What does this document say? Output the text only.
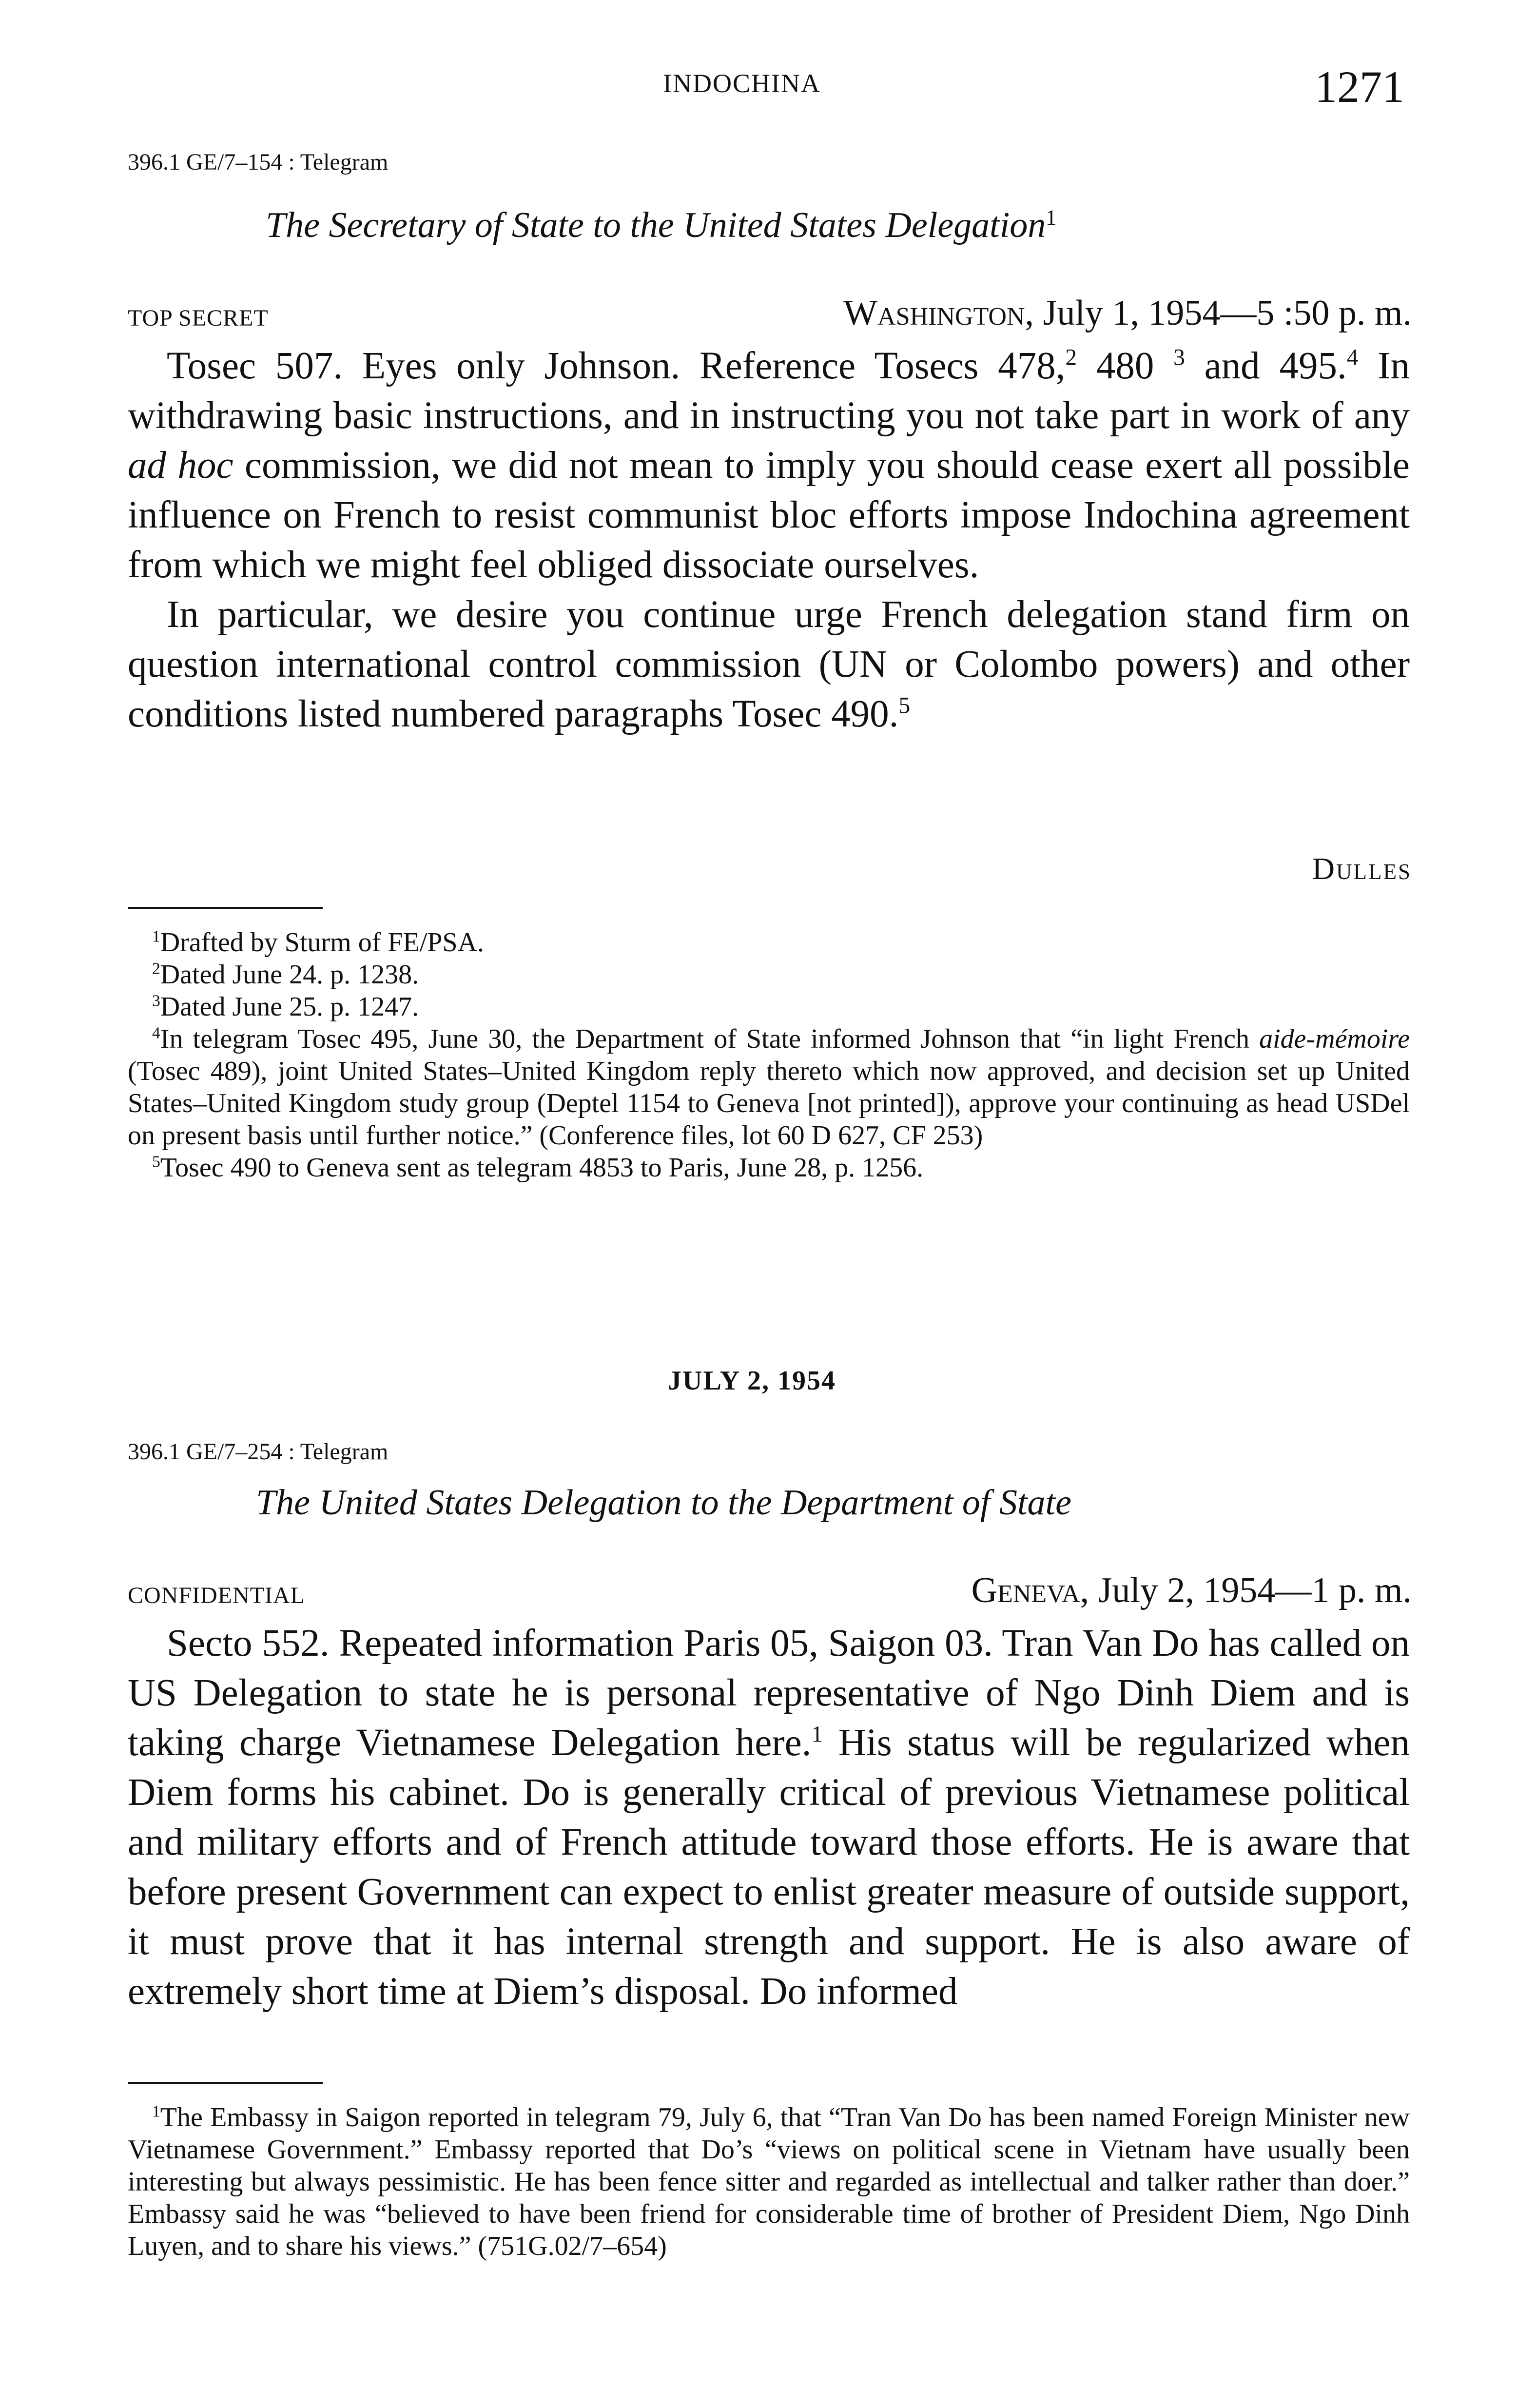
INDOCHINA	1271
396.1 GE/7–154 : Telegram
The Secretary of State to the United States Delegation$^1$
TOP SECRET	Washington, July 1, 1954—5 :50 p. m.

Tosec 507. Eyes only Johnson. Reference Tosecs 478,$^2$ 480 $^3$ and 495.$^4$ In withdrawing basic instructions, and in instructing you not take part in work of any ad hoc commission, we did not mean to imply you should cease exert all possible influence on French to resist communist bloc efforts impose Indochina agreement from which we might feel obliged dissociate ourselves.

In particular, we desire you continue urge French delegation stand firm on question international control commission (UN or Colombo powers) and other conditions listed numbered paragraphs Tosec 490.$^5$

Dulles

$^1$Drafted by Sturm of FE/PSA.

$^2$Dated June 24. p. 1238.

$^3$Dated June 25. p. 1247.

$^4$In telegram Tosec 495, June 30, the Department of State informed Johnson that “in light French aide-mémoire (Tosec 489), joint United States–United Kingdom reply thereto which now approved, and decision set up United States–United Kingdom study group (Deptel 1154 to Geneva [not printed]), approve your continuing as head USDel on present basis until further notice.” (Conference files, lot 60 D 627, CF 253)

$^5$Tosec 490 to Geneva sent as telegram 4853 to Paris, June 28, p. 1256.

JULY 2, 1954
396.1 GE/7–254 : Telegram
The United States Delegation to the Department of State
CONFIDENTIAL	Geneva, July 2, 1954—1 p. m.

Secto 552. Repeated information Paris 05, Saigon 03. Tran Van Do has called on US Delegation to state he is personal representative of Ngo Dinh Diem and is taking charge Vietnamese Delegation here.$^1$ His status will be regularized when Diem forms his cabinet. Do is generally critical of previous Vietnamese political and military efforts and of French attitude toward those efforts. He is aware that before present Government can expect to enlist greater measure of outside support, it must prove that it has internal strength and support. He is also aware of extremely short time at Diem’s disposal. Do informed

$^1$The Embassy in Saigon reported in telegram 79, July 6, that “Tran Van Do has been named Foreign Minister new Vietnamese Government.” Embassy reported that Do’s “views on political scene in Vietnam have usually been interesting but always pessimistic. He has been fence sitter and regarded as intellectual and talker rather than doer.” Embassy said he was “believed to have been friend for considerable time of brother of President Diem, Ngo Dinh Luyen, and to share his views.” (751G.02/7–654)
